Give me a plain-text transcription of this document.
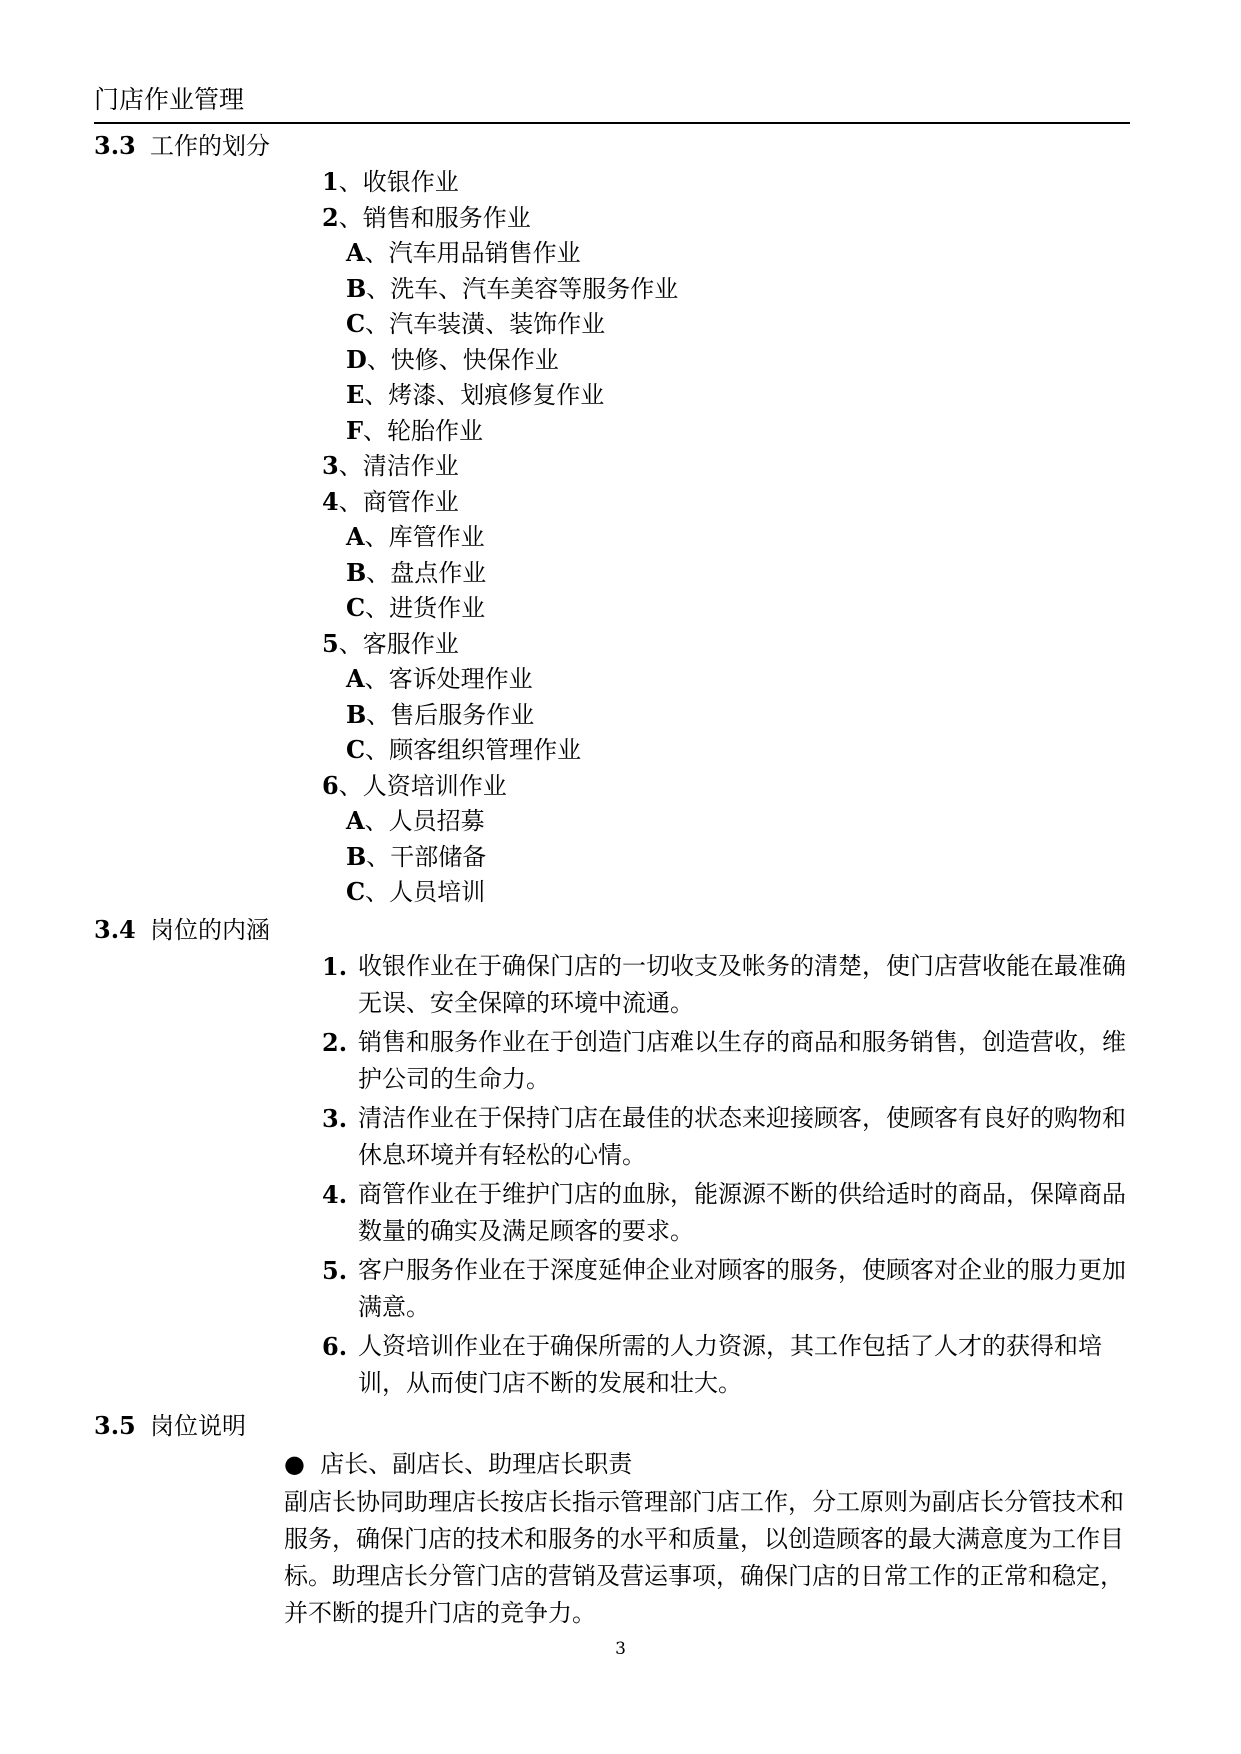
门店作业管理
3.3 工作的划分
1、收银作业
2、销售和服务作业
A、汽车用品销售作业
B、洗车、汽车美容等服务作业
C、汽车装潢、装饰作业
D、快修、快保作业
E、烤漆、划痕修复作业
F、轮胎作业
3、清洁作业
4、商管作业
A、库管作业
B、盘点作业
C、进货作业
5、客服作业
A、客诉处理作业
B、售后服务作业
C、顾客组织管理作业
6、人资培训作业
A、人员招募
B、干部储备
C、人员培训
3.4 岗位的内涵
1. 收银作业在于确保门店的一切收支及帐务的清楚，使门店营收能在最准确无误、安全保障的环境中流通。
2. 销售和服务作业在于创造门店难以生存的商品和服务销售，创造营收，维护公司的生命力。
3. 清洁作业在于保持门店在最佳的状态来迎接顾客，使顾客有良好的购物和休息环境并有轻松的心情。
4. 商管作业在于维护门店的血脉，能源源不断的供给适时的商品，保障商品数量的确实及满足顾客的要求。
5. 客户服务作业在于深度延伸企业对顾客的服务，使顾客对企业的服力更加满意。
6. 人资培训作业在于确保所需的人力资源，其工作包括了人才的获得和培训，从而使门店不断的发展和壮大。
3.5 岗位说明
● 店长、副店长、助理店长职责
副店长协同助理店长按店长指示管理部门店工作，分工原则为副店长分管技术和服务，确保门店的技术和服务的水平和质量，以创造顾客的最大满意度为工作目标。助理店长分管门店的营销及营运事项，确保门店的日常工作的正常和稳定，并不断的提升门店的竞争力。
3
